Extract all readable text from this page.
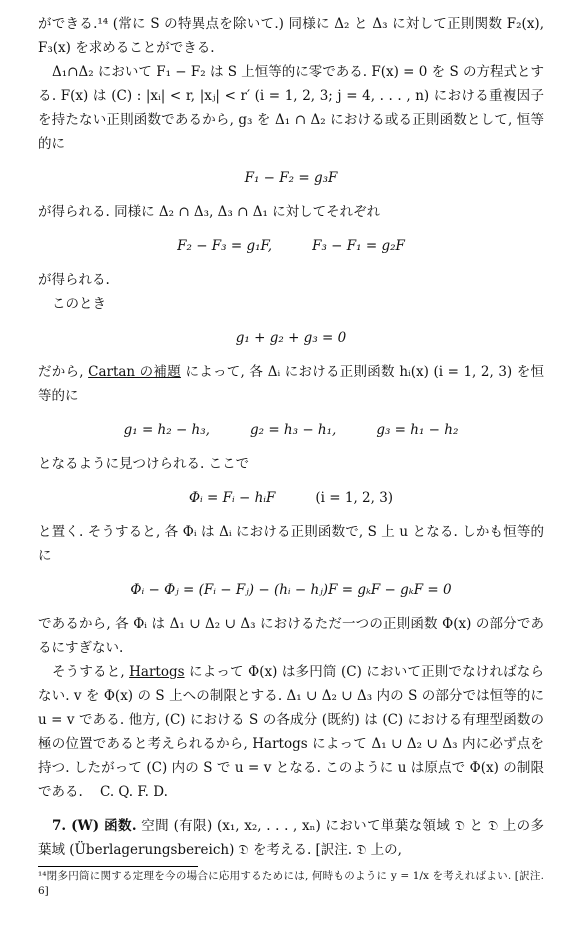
ができる.¹⁴ (常に S の特異点を除いて.) 同様に Δ₂ と Δ₃ に対して正則関数 F₂(x), F₃(x) を求めることができる.

Δ₁∩Δ₂ において F₁ − F₂ は S 上恒等的に零である. F(x) = 0 を S の方程式とする. F(x) は (C) : |xᵢ| < r, |xⱼ| < r′ (i = 1, 2, 3; j = 4, . . . , n) における重複因子を持たない正則函数であるから, g₃ を Δ₁ ∩ Δ₂ における或る正則函数として, 恒等的に

F₁ − F₂ = g₃F

が得られる. 同様に Δ₂ ∩ Δ₃, Δ₃ ∩ Δ₁ に対してそれぞれ

F₂ − F₃ = g₁F,	F₃ − F₁ = g₂F

が得られる.

このとき

g₁ + g₂ + g₃ = 0

だから, Cartan の補題 によって, 各 Δᵢ における正則函数 hᵢ(x) (i = 1, 2, 3) を恒等的に

g₁ = h₂ − h₃,	g₂ = h₃ − h₁,	g₃ = h₁ − h₂

となるように見つけられる. ここで

Φᵢ = Fᵢ − hᵢF	(i = 1, 2, 3)

と置く. そうすると, 各 Φᵢ は Δᵢ における正則函数で, S 上 u となる. しかも恒等的に

Φᵢ − Φⱼ = (Fᵢ − Fⱼ) − (hᵢ − hⱼ)F = gₖF − gₖF = 0

であるから, 各 Φᵢ は Δ₁ ∪ Δ₂ ∪ Δ₃ におけるただ一つの正則函数 Φ(x) の部分であるにすぎない.

そうすると, Hartogs によって Φ(x) は多円筒 (C) において正則でなければならない. v を Φ(x) の S 上への制限とする. Δ₁ ∪ Δ₂ ∪ Δ₃ 内の S の部分では恒等的に u = v である. 他方, (C) における S の各成分 (既約) は (C) における有理型函数の極の位置であると考えられるから, Hartogs によって Δ₁ ∪ Δ₂ ∪ Δ₃ 内に必ず点を持つ. したがって (C) 内の S で u = v となる. このように u は原点で Φ(x) の制限である. C. Q. F. D.

7. (W) 函数. 空間 (有限) (x₁, x₂, . . . , xₙ) において単葉な領域 𝔇 と 𝔇 上の多葉域 (Überlagerungsbereich) 𝔇 を考える. [訳注. 𝔇 上の,

¹⁴閉多円筒に関する定理を今の場合に応用するためには, 何時ものように y = 1/x を考えればよい. [訳注. 6]
